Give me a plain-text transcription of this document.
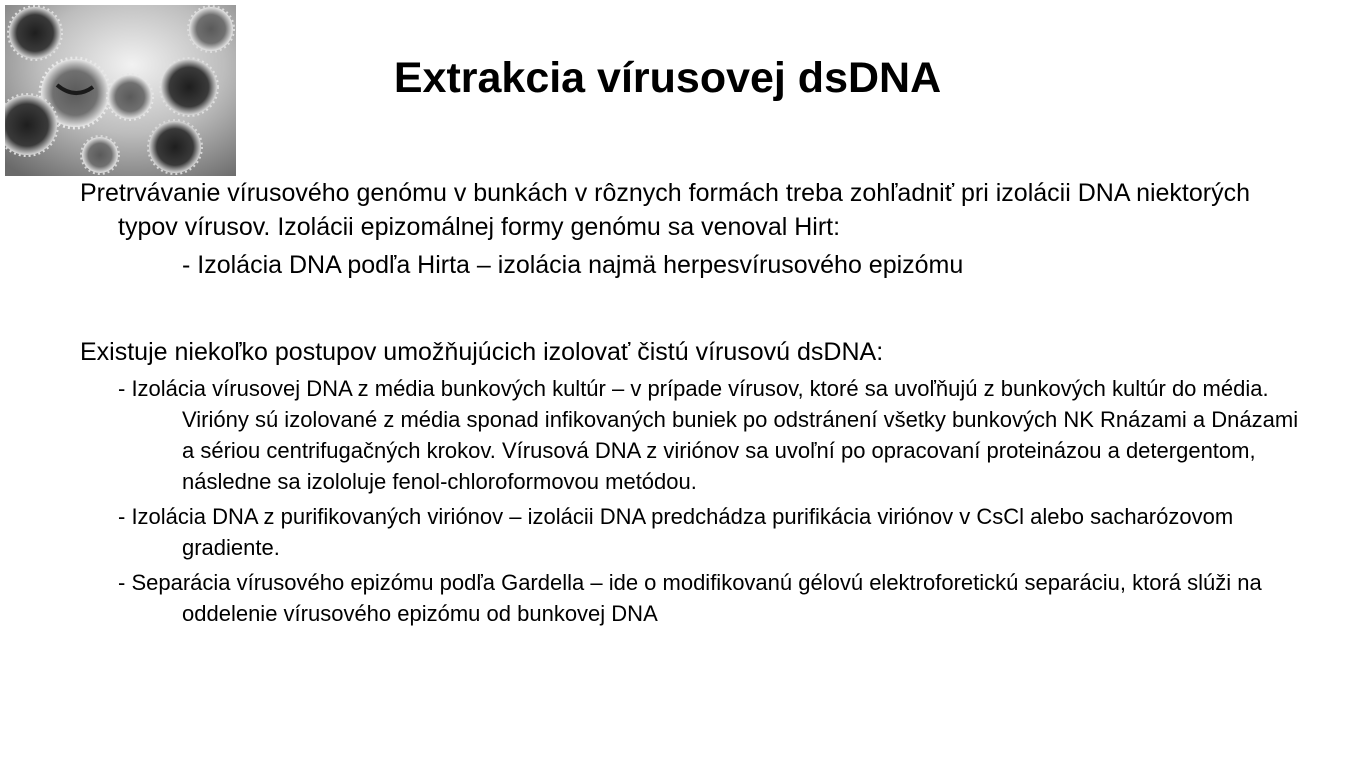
Extrakcia vírusovej dsDNA

Pretrvávanie vírusového genómu v bunkách v rôznych formách treba zohľadniť pri izolácii DNA niektorých typov vírusov. Izolácii epizomálnej formy genómu sa venoval Hirt:

- Izolácia DNA podľa Hirta – izolácia najmä herpesvírusového epizómu

Existuje niekoľko postupov umožňujúcich izolovať čistú vírusovú dsDNA:

- Izolácia vírusovej DNA z média bunkových kultúr – v prípade vírusov, ktoré sa uvoľňujú z bunkových kultúr do média. Virióny sú izolované z média sponad infikovaných buniek po odstránení všetky bunkových NK Rnázami a Dnázami a sériou centrifugačných krokov. Vírusová DNA z viriónov sa uvoľní po opracovaní proteinázou a detergentom, následne sa izololuje fenol-chloroformovou metódou.

- Izolácia DNA z purifikovaných viriónov – izolácii DNA predchádza purifikácia viriónov v CsCl alebo sacharózovom gradiente.

- Separácia vírusového epizómu podľa Gardella – ide o modifikovanú gélovú elektroforetickú separáciu, ktorá slúži na oddelenie vírusového epizómu od bunkovej DNA
